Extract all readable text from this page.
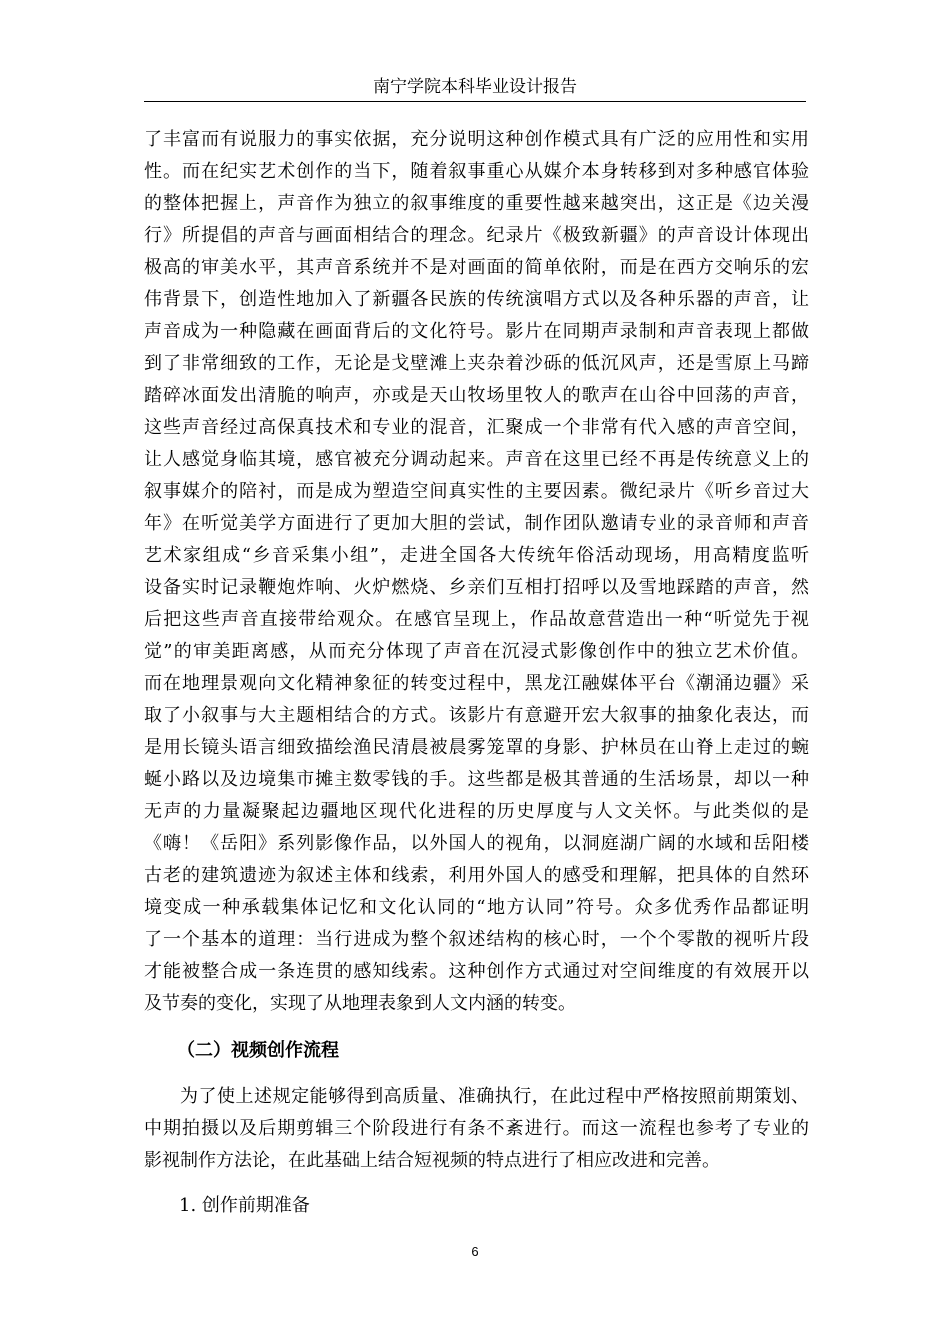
南宁学院本科毕业设计报告
了丰富而有说服力的事实依据，充分说明这种创作模式具有广泛的应用性和实用
性。而在纪实艺术创作的当下，随着叙事重心从媒介本身转移到对多种感官体验
的整体把握上，声音作为独立的叙事维度的重要性越来越突出，这正是《边关漫
行》所提倡的声音与画面相结合的理念。纪录片《极致新疆》的声音设计体现出
极高的审美水平，其声音系统并不是对画面的简单依附，而是在西方交响乐的宏
伟背景下，创造性地加入了新疆各民族的传统演唱方式以及各种乐器的声音，让
声音成为一种隐藏在画面背后的文化符号。影片在同期声录制和声音表现上都做
到了非常细致的工作，无论是戈壁滩上夹杂着沙砾的低沉风声，还是雪原上马蹄
踏碎冰面发出清脆的响声，亦或是天山牧场里牧人的歌声在山谷中回荡的声音，
这些声音经过高保真技术和专业的混音，汇聚成一个非常有代入感的声音空间，
让人感觉身临其境，感官被充分调动起来。声音在这里已经不再是传统意义上的
叙事媒介的陪衬，而是成为塑造空间真实性的主要因素。微纪录片《听乡音过大
年》在听觉美学方面进行了更加大胆的尝试，制作团队邀请专业的录音师和声音
艺术家组成“乡音采集小组”，走进全国各大传统年俗活动现场，用高精度监听
设备实时记录鞭炮炸响、火炉燃烧、乡亲们互相打招呼以及雪地踩踏的声音，然
后把这些声音直接带给观众。在感官呈现上，作品故意营造出一种“听觉先于视
觉”的审美距离感，从而充分体现了声音在沉浸式影像创作中的独立艺术价值。
而在地理景观向文化精神象征的转变过程中，黑龙江融媒体平台《潮涌边疆》采
取了小叙事与大主题相结合的方式。该影片有意避开宏大叙事的抽象化表达，而
是用长镜头语言细致描绘渔民清晨被晨雾笼罩的身影、护林员在山脊上走过的蜿
蜒小路以及边境集市摊主数零钱的手。这些都是极其普通的生活场景，却以一种
无声的力量凝聚起边疆地区现代化进程的历史厚度与人文关怀。与此类似的是
《嗨！《岳阳》系列影像作品，以外国人的视角，以洞庭湖广阔的水域和岳阳楼
古老的建筑遗迹为叙述主体和线索，利用外国人的感受和理解，把具体的自然环
境变成一种承载集体记忆和文化认同的“地方认同”符号。众多优秀作品都证明
了一个基本的道理：当行进成为整个叙述结构的核心时，一个个零散的视听片段
才能被整合成一条连贯的感知线索。这种创作方式通过对空间维度的有效展开以
及节奏的变化，实现了从地理表象到人文内涵的转变。
（二）视频创作流程
为了使上述规定能够得到高质量、准确执行，在此过程中严格按照前期策划、
中期拍摄以及后期剪辑三个阶段进行有条不紊进行。而这一流程也参考了专业的
影视制作方法论，在此基础上结合短视频的特点进行了相应改进和完善。
1. 创作前期准备
6
